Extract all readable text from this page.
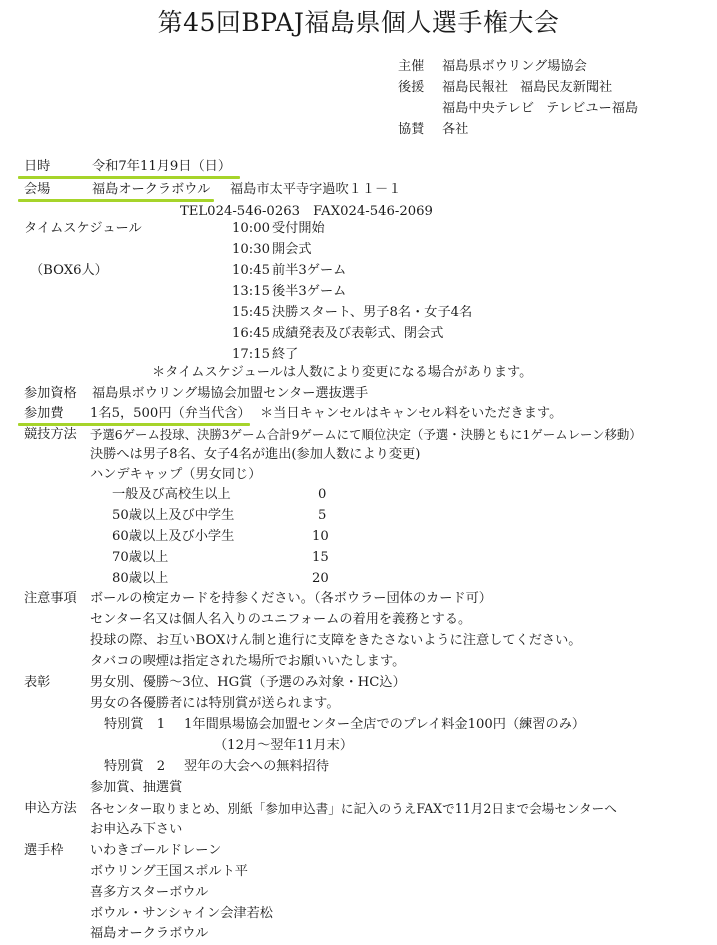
第45回BPAJ福島県個人選手権大会
主催 福島県ボウリング場協会
後援 福島民報社 福島民友新聞社
福島中央テレビ テレビユー福島
協賛 各社
日時	令和7年11月9日（日）
会場	福島オークラボウル 福島市太平寺字過吹１１－１
TEL024-546-0263　FAX024-546-2069
タイムスケジュール
（BOX6人）
10:00 受付開始
10:30 開会式
10:45 前半3ゲーム
13:15 後半3ゲーム
15:45 決勝スタート、男子8名・女子4名
16:45 成績発表及び表彰式、閉会式
17:15 終了
＊タイムスケジュールは人数により変更になる場合があります。
参加資格 福島県ボウリング場協会加盟センター選抜選手
参加費 1名5，500円（弁当代含） ＊当日キャンセルはキャンセル料をいただきます。
競技方法 予選6ゲーム投球、決勝3ゲーム合計9ゲームにて順位決定（予選・決勝ともに1ゲームレーン移動）
決勝へは男子8名、女子4名が進出(参加人数により変更)
ハンデキャップ（男女同じ）
一般及び高校生以上	0
50歳以上及び中学生	5
60歳以上及び小学生	10
70歳以上	15
80歳以上	20
注意事項 ボールの検定カードを持参ください。（各ボウラー団体のカード可）
センター名又は個人名入りのユニフォームの着用を義務とする。
投球の際、お互いBOXけん制と進行に支障をきたさないように注意してください。
タバコの喫煙は指定された場所でお願いいたします。
表彰	男女別、優勝～3位、HG賞（予選のみ対象・HC込）
男女の各優勝者には特別賞が送られます。
特別賞　1 1年間県場協会加盟センター全店でのプレイ料金100円（練習のみ）
（12月～翌年11月末）
特別賞　2 翌年の大会への無料招待
参加賞、抽選賞
申込方法 各センター取りまとめ、別紙「参加申込書」に記入のうえFAXで11月2日まで会場センターへ
お申込み下さい
選手枠 いわきゴールドレーン
ボウリング王国スポルト平
喜多方スターボウル
ボウル・サンシャイン会津若松
福島オークラボウル
